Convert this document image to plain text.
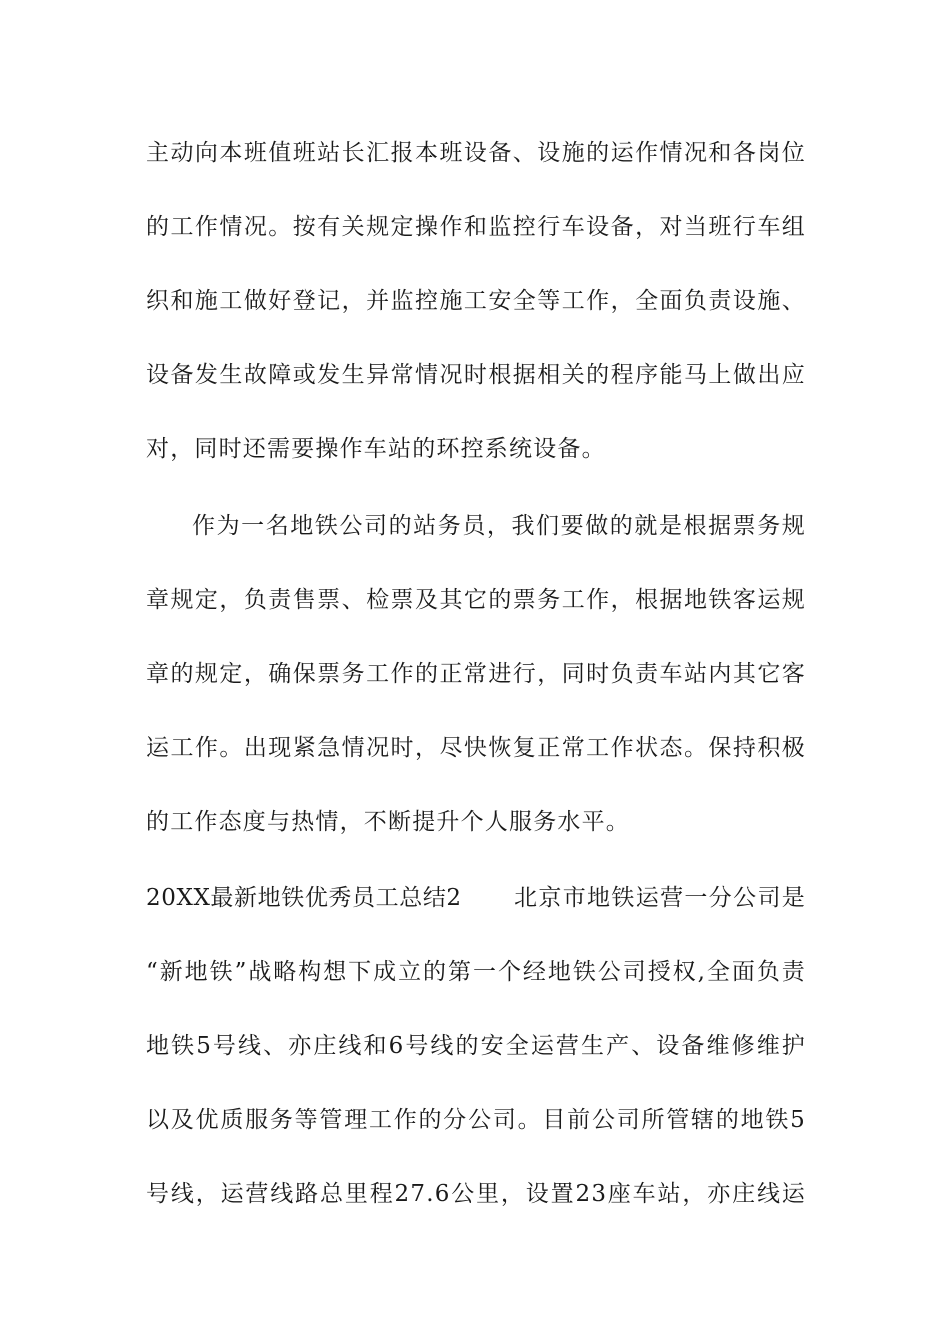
主动向本班值班站长汇报本班设备、设施的运作情况和各岗位
的工作情况。按有关规定操作和监控行车设备，对当班行车组
织和施工做好登记，并监控施工安全等工作，全面负责设施、
设备发生故障或发生异常情况时根据相关的程序能马上做出应
对，同时还需要操作车站的环控系统设备。
作为一名地铁公司的站务员，我们要做的就是根据票务规
章规定，负责售票、检票及其它的票务工作，根据地铁客运规
章的规定，确保票务工作的正常进行，同时负责车站内其它客
运工作。出现紧急情况时，尽快恢复正常工作状态。保持积极
的工作态度与热情，不断提升个人服务水平。
20XX最新地铁优秀员工总结2 北京市地铁运营一分公司是
“新地铁”战略构想下成立的第一个经地铁公司授权,全面负责
地铁5号线、亦庄线和6号线的安全运营生产、设备维修维护
以及优质服务等管理工作的分公司。目前公司所管辖的地铁5
号线，运营线路总里程27.6公里，设置23座车站，亦庄线运
